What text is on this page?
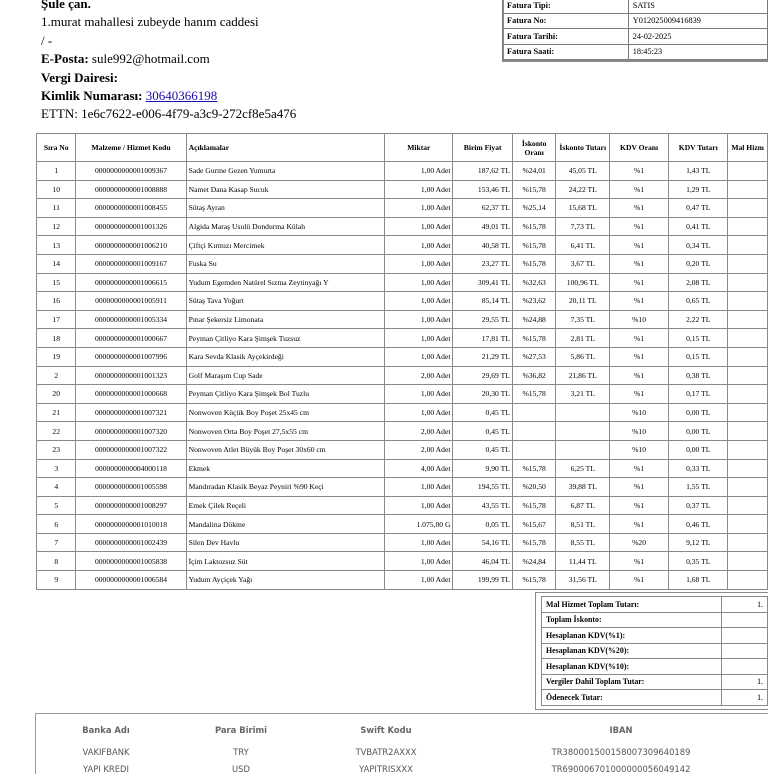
Şule çan.
1.murat mahallesi zubeyde hanım caddesi
/ -
E-Posta: sule992@hotmail.com
Vergi Dairesi:
Kimlik Numarası: 30640366198
ETTN: 1e6c7622-e006-4f79-a3c9-272cf8e5a476
Fatura Tipi:	SATIS
Fatura No:	Y012025009416839
Fatura Tarihi:	24-02-2025
Fatura Saati:	18:45:23
Sıra No	Malzeme / Hizmet Kodu	Açıklamalar	Miktar	Birim Fiyat	İskonto Oranı	İskonto Tutarı	KDV Oranı	KDV Tutarı	Mal Hizm
1	0000000000001009367	Sade Gurme Gezen Yumurta	1,00 Adet	187,62 TL	%24,01	45,05 TL	%1	1,43 TL	
10	0000000000001008888	Namet Dana Kasap Sucuk	1,00 Adet	153,46 TL	%15,78	24,22 TL	%1	1,29 TL	
11	0000000000001008455	Sütaş Ayran	1,00 Adet	62,37 TL	%25,14	15,68 TL	%1	0,47 TL	
12	0000000000001001326	Algida Maraş Usulü Dondurma Külah	1,00 Adet	49,01 TL	%15,78	7,73 TL	%1	0,41 TL	
13	0000000000001006210	Çiftçi Kırmızı Mercimek	1,00 Adet	40,58 TL	%15,78	6,41 TL	%1	0,34 TL	
14	0000000000001009167	Fuska Su	1,00 Adet	23,27 TL	%15,78	3,67 TL	%1	0,20 TL	
15	0000000000001006615	Yudum Egemden Natürel Sızma Zeytinyağı Y	1,00 Adet	309,41 TL	%32,63	100,96 TL	%1	2,08 TL	
16	0000000000001005911	Sütaş Tava Yoğurt	1,00 Adet	85,14 TL	%23,62	20,11 TL	%1	0,65 TL	
17	0000000000001005334	Pınar Şekersiz Limonata	1,00 Adet	29,55 TL	%24,88	7,35 TL	%10	2,22 TL	
18	0000000000001000667	Peyman Çitliyo Kara Şimşek Tuzsuz	1,00 Adet	17,81 TL	%15,78	2,81 TL	%1	0,15 TL	
19	0000000000001007996	Kara Sevda Klasik Ayçekirdeği	1,00 Adet	21,29 TL	%27,53	5,86 TL	%1	0,15 TL	
2	0000000000001001323	Golf Maraşım Cup Sade	2,00 Adet	29,69 TL	%36,82	21,86 TL	%1	0,38 TL	
20	0000000000001000668	Peyman Çitliyo Kara Şimşek Bol Tuzlu	1,00 Adet	20,30 TL	%15,78	3,21 TL	%1	0,17 TL	
21	0000000000001007321	Nonwoven Küçük Boy Poşet 25x45 cm	1,00 Adet	0,45 TL			%10	0,00 TL	
22	0000000000001007320	Nonwoven Orta Boy Poşet 27,5x55 cm	2,00 Adet	0,45 TL			%10	0,00 TL	
23	0000000000001007322	Nonwoven Atlet Büyük Boy Poşet 30x60 cm	2,00 Adet	0,45 TL			%10	0,00 TL	
3	0000000000004000118	Ekmek	4,00 Adet	9,90 TL	%15,78	6,25 TL	%1	0,33 TL	
4	0000000000001005598	Mandıradan Klasik Beyaz Peyniri %90 Keçi	1,00 Adet	194,55 TL	%20,50	39,88 TL	%1	1,55 TL	
5	0000000000001008297	Emek Çilek Reçeli	1,00 Adet	43,55 TL	%15,78	6,87 TL	%1	0,37 TL	
6	0000000000001010018	Mandalina Dökme	1.075,00 G	0,05 TL	%15,67	8,51 TL	%1	0,46 TL	
7	0000000000001002439	Silen Dev Havlu	1,00 Adet	54,16 TL	%15,78	8,55 TL	%20	9,12 TL	
8	0000000000001005838	İçim Laktozsuz Süt	1,00 Adet	46,04 TL	%24,84	11,44 TL	%1	0,35 TL	
9	0000000000001006584	Yudum Ayçiçek Yağı	1,00 Adet	199,99 TL	%15,78	31,56 TL	%1	1,68 TL	
Mal Hizmet Toplam Tutarı:	1.
Toplam İskonto:	
Hesaplanan KDV(%1):	
Hesaplanan KDV(%20):	
Hesaplanan KDV(%10):	
Vergiler Dahil Toplam Tutar:	1.
Ödenecek Tutar:	1.
Banka Adı	Para Birimi	Swift Kodu	IBAN
VAKIFBANK	TRY	TVBATR2AXXX	TR380001500158007309640189
YAPI KREDI	USD	YAPITRISXXX	TR690006701000000056049142
